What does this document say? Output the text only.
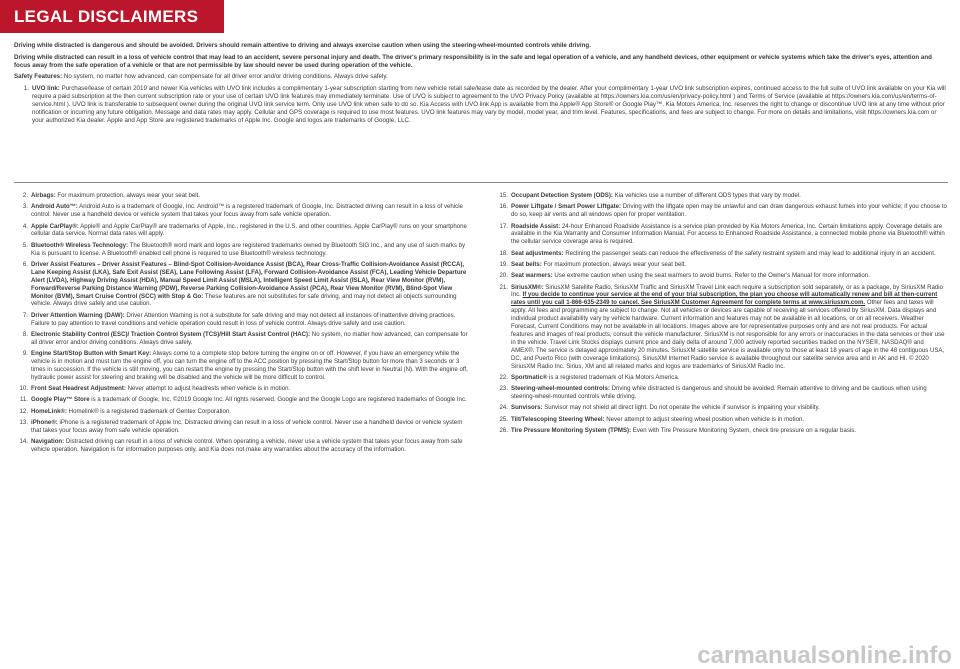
LEGAL DISCLAIMERS

Driving while distracted is dangerous and should be avoided. Drivers should remain attentive to driving and always exercise caution when using the steering-wheel-mounted controls while driving.

Driving while distracted can result in a loss of vehicle control that may lead to an accident, severe personal injury and death. The driver's primary responsibility is in the safe and legal operation of a vehicle, and any handheld devices, other equipment or vehicle systems which take the driver's eyes, attention and focus away from the safe operation of a vehicle or that are not permissible by law should never be used during operation of the vehicle.

Safety Features: No system, no matter how advanced, can compensate for all driver error and/or driving conditions. Always drive safely.

1. UVO link: Purchase/lease of certain 2019 and newer Kia vehicles with UVO link includes a complimentary 1-year subscription starting from new vehicle retail sale/lease date as recorded by the dealer. After your complimentary 1-year UVO link subscription expires, continued access to the full suite of UVO link available on your Kia will require a paid subscription at the then current subscription rate or your use of certain UVO link features may immediately terminate. Use of UVO is subject to agreement to the UVO Privacy Policy (available at https://owners.kia.com/us/en/privacy-policy.html ) and Terms of Service (available at https://owners.kia.com/us/en/terms-of-service.html ). UVO link is transferable to subsequent owner during the original UVO link service term. Only use UVO link when safe to do so. Kia Access with UVO link App is available from the Apple® App Store® or Google Play™. Kia Motors America, Inc. reserves the right to change or discontinue UVO link at any time without prior notification or incurring any future obligation. Message and data rates may apply. Cellular and GPS coverage is required to use most features. UVO link features may vary by model, model year, and trim level. Features, specifications, and fees are subject to change. For more on details and limitations, visit https://owners.kia.com or your authorized Kia dealer. Apple and App Store are registered trademarks of Apple Inc. Google and logos are trademarks of Google, LLC.
2. Airbags: For maximum protection, always wear your seat belt.
3. Android Auto™: Android Auto is a trademark of Google, Inc. Android™ is a registered trademark of Google, Inc. Distracted driving can result in a loss of vehicle control. Never use a handheld device or vehicle system that takes your focus away from safe vehicle operation.
4. Apple CarPlay®: Apple® and Apple CarPlay® are trademarks of Apple, Inc., registered in the U.S. and other countries. Apple CarPlay® runs on your smartphone cellular data service. Normal data rates will apply.
5. Bluetooth® Wireless Technology: The Bluetooth® word mark and logos are registered trademarks owned by Bluetooth SIG Inc., and any use of such marks by Kia is pursuant to license. A Bluetooth® enabled cell phone is required to use Bluetooth® wireless technology.
6. Driver Assist Features – Driver Assist Features – Blind-Spot Collision-Avoidance Assist (BCA), Rear Cross-Traffic Collision-Avoidance Assist (RCCA), Lane Keeping Assist (LKA), Safe Exit Assist (SEA), Lane Following Assist (LFA), Forward Collision-Avoidance Assist (FCA), Leading Vehicle Departure Alert (LVDA), Highway Driving Assist (HDA), Manual Speed Limit Assist (MSLA), Intelligent Speed Limit Assist (ISLA), Rear View Monitor (RVM), Forward/Reverse Parking Distance Warning (PDW), Reverse Parking Collision-Avoidance Assist (PCA), Rear View Monitor (RVM), Blind-Spot View Monitor (BVM), Smart Cruise Control (SCC) with Stop & Go: These features are not substitutes for safe driving, and may not detect all objects surrounding vehicle. Always drive safely and use caution.
7. Driver Attention Warning (DAW): Driver Attention Warning is not a substitute for safe driving and may not detect all instances of inattentive driving practices. Failure to pay attention to travel conditions and vehicle operation could result in loss of vehicle control. Always drive safely and use caution.
8. Electronic Stability Control (ESC)/ Traction Control System (TCS)/Hill Start Assist Control (HAC): No system, no matter how advanced, can compensate for all driver error and/or driving conditions. Always drive safely.
9. Engine Start/Stop Button with Smart Key: Always come to a complete stop before turning the engine on or off. However, if you have an emergency while the vehicle is in motion and must turn the engine off, you can turn the engine off to the ACC position by pressing the Start/Stop button for more than 3 seconds or 3 times in succession. If the vehicle is still moving, you can restart the engine by pressing the Start/Stop button with the shift lever in Neutral (N). With the engine off, hydraulic power assist for steering and braking will be disabled and the vehicle will be more difficult to control.
10. Front Seat Headrest Adjustment: Never attempt to adjust headrests when vehicle is in motion.
11. Google Play™ Store is a trademark of Google, Inc. ©2019 Google Inc. All rights reserved. Google and the Google Logo are registered trademarks of Google Inc.
12. HomeLink®: Homelink® is a registered trademark of Gentex Corporation.
13. iPhone®: iPhone is a registered trademark of Apple Inc. Distracted driving can result in a loss of vehicle control. Never use a handheld device or vehicle system that takes your focus away from safe vehicle operation.
14. Navigation: Distracted driving can result in a loss of vehicle control. When operating a vehicle, never use a vehicle system that takes your focus away from safe vehicle operation. Navigation is for information purposes only, and Kia does not make any warranties about the accuracy of the information.
15. Occupant Detection System (ODS): Kia vehicles use a number of different ODS types that vary by model.
16. Power Liftgate / Smart Power Liftgate: Driving with the liftgate open may be unlawful and can draw dangerous exhaust fumes into your vehicle; if you choose to do so, keep air vents and all windows open for proper ventilation.
17. Roadside Assist: 24-hour Enhanced Roadside Assistance is a service plan provided by Kia Motors America, Inc. Certain limitations apply. Coverage details are available in the Kia Warranty and Consumer Information Manual. For access to Enhanced Roadside Assistance, a connected mobile phone via Bluetooth® within the cellular service coverage area is required.
18. Seat adjustments: Reclining the passenger seats can reduce the effectiveness of the safety restraint system and may lead to additional injury in an accident.
19. Seat belts: For maximum protection, always wear your seat belt.
20. Seat warmers: Use extreme caution when using the seat warmers to avoid burns. Refer to the Owner's Manual for more information.
21. SiriusXM®: SiriusXM Satellite Radio, SiriusXM Traffic and SiriusXM Travel Link each require a subscription sold separately, or as a package, by SiriusXM Radio Inc. If you decide to continue your service at the end of your trial subscription, the plan you choose will automatically renew and bill at then-current rates until you call 1-866-635-2349 to cancel. See SiriusXM Customer Agreement for complete terms at www.siriusxm.com. Other fees and taxes will apply. All fees and programming are subject to change. Not all vehicles or devices are capable of receiving all services offered by SiriusXM. Data displays and individual product availability vary by vehicle hardware. Current information and features may not be available in all locations, or on all receivers. Weather Forecast, Current Conditions may not be available in all locations. Images above are for representative purposes only and are not real products. For actual features and images of real products, consult the vehicle manufacturer. SiriusXM is not responsible for any errors or inaccuracies in the data services or their use in the vehicle. Travel Link Stocks displays current price and daily delta of around 7,000 actively reported securities traded on the NYSE®, NASDAQ® and AMEX®. The service is delayed approximately 20 minutes. SiriusXM satellite service is available only to those at least 18 years of age in the 48 contiguous USA, DC, and Puerto Rico (with coverage limitations). SiriusXM Internet Radio service is available throughout our satellite service area and in AK and HI. © 2020 SiriusXM Radio Inc. Sirius, XM and all related marks and logos are trademarks of SiriusXM Radio Inc.
22. Sportmatic® is a registered trademark of Kia Motors America.
23. Steering-wheel-mounted controls: Driving while distracted is dangerous and should be avoided. Remain attentive to driving and be cautious when using steering-wheel-mounted controls while driving.
24. Sunvisors: Sunvisor may not shield all direct light. Do not operate the vehicle if sunvisor is impairing your visibility.
25. Tilt/Telescoping Steering Wheel: Never attempt to adjust steering wheel position when vehicle is in motion.
26. Tire Pressure Monitoring System (TPMS): Even with Tire Pressure Monitoring System, check tire pressure on a regular basis.
carmanualsonline.info
